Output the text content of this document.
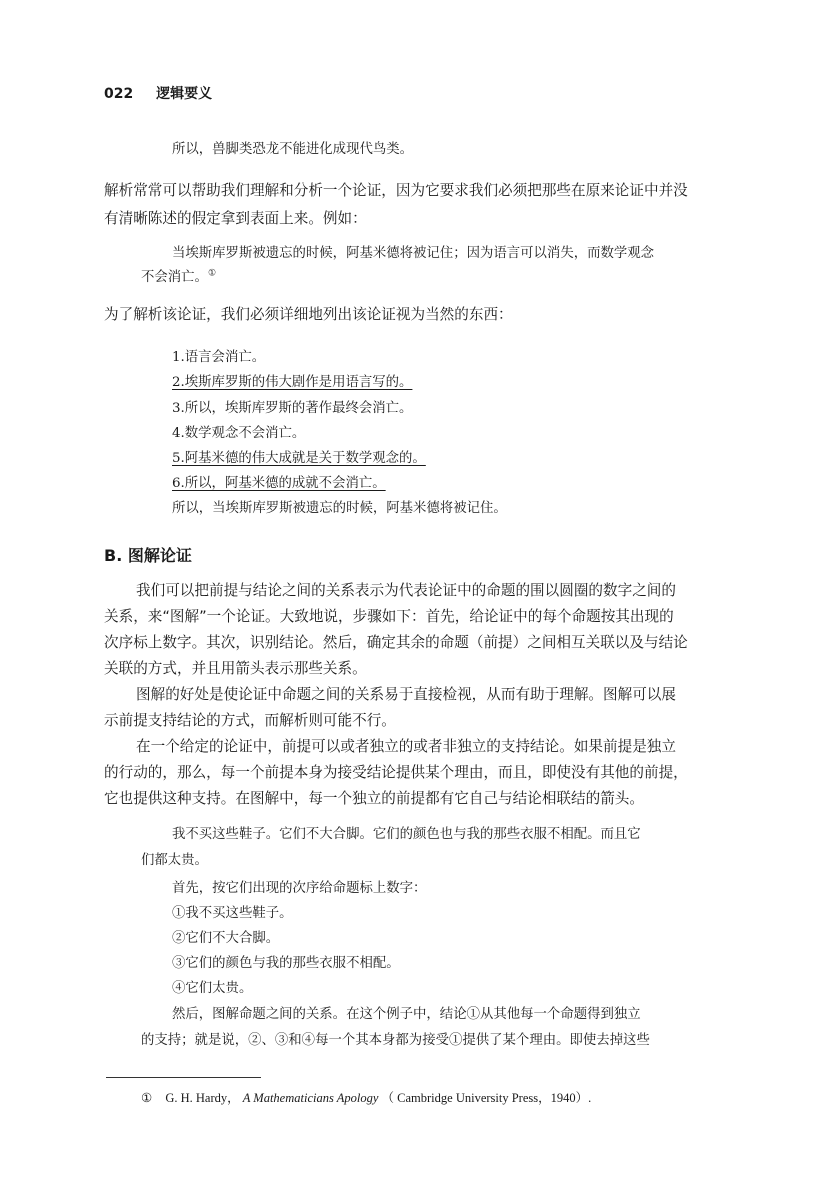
022 逻辑要义
所以，兽脚类恐龙不能进化成现代鸟类。
解析常常可以帮助我们理解和分析一个论证，因为它要求我们必须把那些在原来论证中并没
有清晰陈述的假定拿到表面上来。例如：
当埃斯库罗斯被遗忘的时候，阿基米德将被记住；因为语言可以消失，而数学观念
不会消亡。①
为了解析该论证，我们必须详细地列出该论证视为当然的东西：
1.语言会消亡。
2.埃斯库罗斯的伟大剧作是用语言写的。
3.所以，埃斯库罗斯的著作最终会消亡。
4.数学观念不会消亡。
5.阿基米德的伟大成就是关于数学观念的。
6.所以，阿基米德的成就不会消亡。
所以，当埃斯库罗斯被遗忘的时候，阿基米德将被记住。
B. 图解论证
我们可以把前提与结论之间的关系表示为代表论证中的命题的围以圆圈的数字之间的
关系，来“图解”一个论证。大致地说，步骤如下：首先，给论证中的每个命题按其出现的
次序标上数字。其次，识别结论。然后，确定其余的命题（前提）之间相互关联以及与结论
关联的方式，并且用箭头表示那些关系。
图解的好处是使论证中命题之间的关系易于直接检视，从而有助于理解。图解可以展
示前提支持结论的方式，而解析则可能不行。
在一个给定的论证中，前提可以或者独立的或者非独立的支持结论。如果前提是独立
的行动的，那么，每一个前提本身为接受结论提供某个理由，而且，即使没有其他的前提，
它也提供这种支持。在图解中，每一个独立的前提都有它自己与结论相联结的箭头。
我不买这些鞋子。它们不大合脚。它们的颜色也与我的那些衣服不相配。而且它
们都太贵。
首先，按它们出现的次序给命题标上数字：
①我不买这些鞋子。
②它们不大合脚。
③它们的颜色与我的那些衣服不相配。
④它们太贵。
然后，图解命题之间的关系。在这个例子中，结论①从其他每一个命题得到独立
的支持；就是说，②、③和④每一个其本身都为接受①提供了某个理由。即使去掉这些
① G. H. Hardy， A Mathematicians Apology （ Cambridge University Press，1940）.
